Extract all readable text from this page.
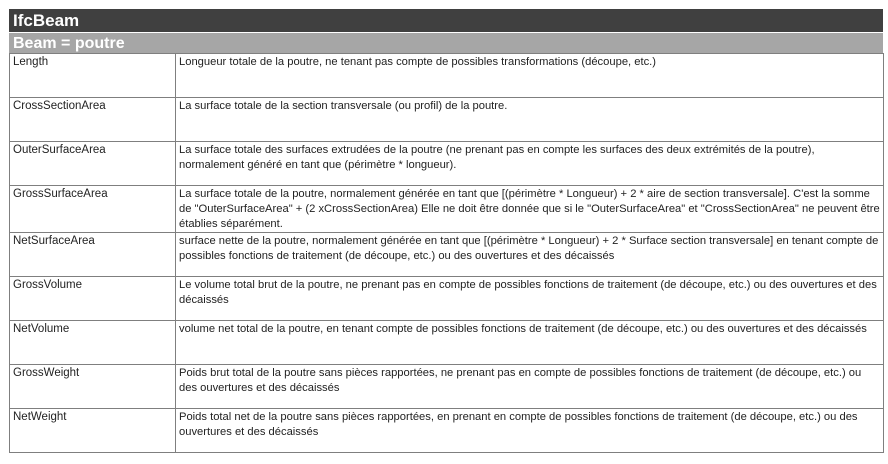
IfcBeam
Beam = poutre
Length	Longueur totale de la poutre, ne tenant pas compte de possibles transformations (découpe, etc.)
CrossSectionArea	La surface totale de la section transversale (ou profil) de la poutre.
OuterSurfaceArea	La surface totale des surfaces extrudées de la poutre (ne prenant pas en compte les surfaces des deux extrémités de la poutre), normalement généré en tant que (périmètre * longueur).
GrossSurfaceArea	La surface totale de la poutre, normalement générée en tant que [(périmètre * Longueur) + 2 * aire de section transversale]. C'est la somme de "OuterSurfaceArea" + (2 xCrossSectionArea) Elle ne doit être donnée que si le "OuterSurfaceArea" et "CrossSectionArea" ne peuvent être établies séparément.
NetSurfaceArea	surface nette de la poutre, normalement générée en tant que [(périmètre * Longueur) + 2 * Surface section transversale] en tenant compte de possibles fonctions de traitement (de découpe, etc.) ou des ouvertures et des décaissés
GrossVolume	Le volume total brut de la poutre, ne prenant pas en compte de possibles fonctions de traitement (de découpe, etc.) ou des ouvertures et des décaissés
NetVolume	volume net total de la poutre, en tenant compte de possibles fonctions de traitement (de découpe, etc.) ou des ouvertures et des décaissés
GrossWeight	Poids brut total de la poutre sans pièces rapportées, ne prenant pas en compte de possibles fonctions de traitement (de découpe, etc.) ou des ouvertures et des décaissés
NetWeight	Poids total net de la poutre sans pièces rapportées, en prenant en compte de possibles fonctions de traitement (de découpe, etc.) ou des ouvertures et des décaissés
